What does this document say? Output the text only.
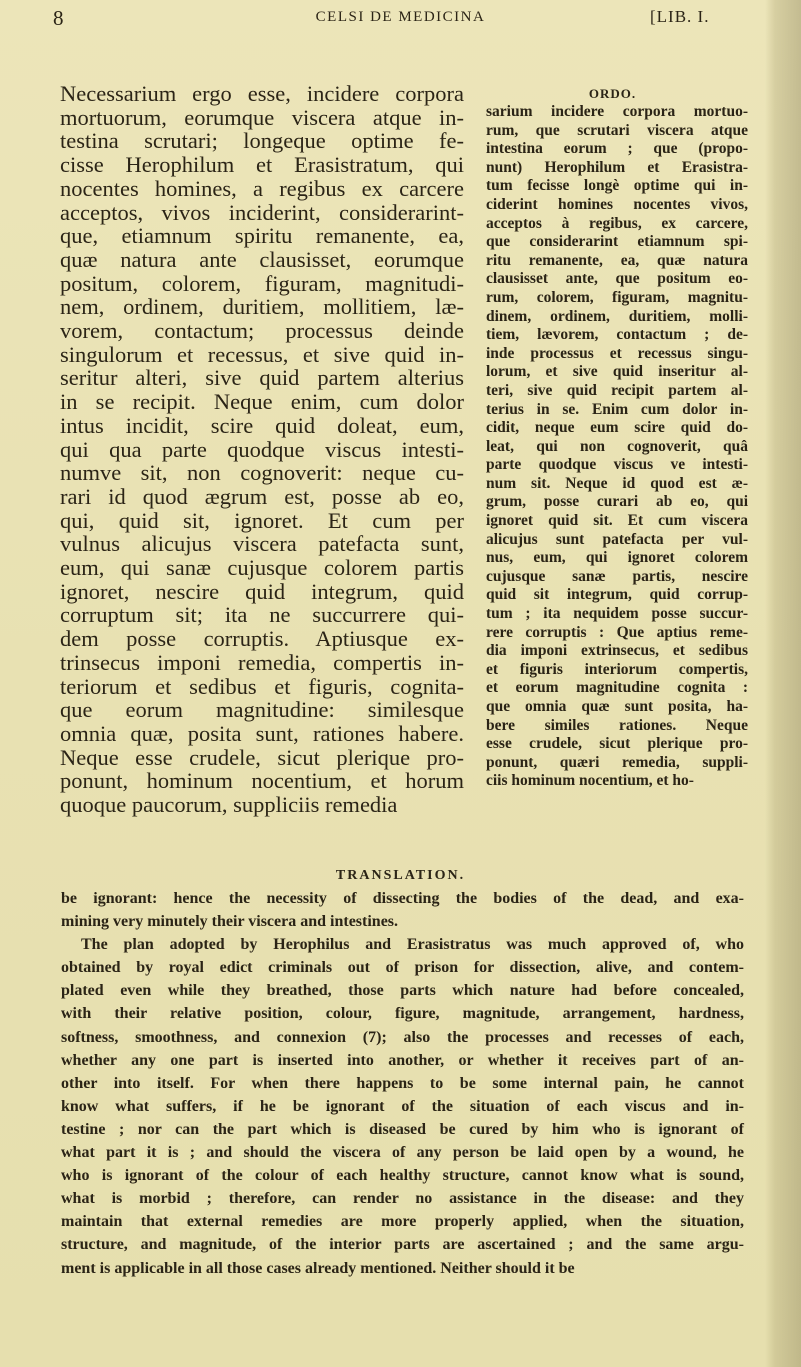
8	CELSI DE MEDICINA	[LIB. I.
Necessarium ergo esse, incidere corpora
mortuorum, eorumque viscera atque in-
testina scrutari; longeque optime fe-
cisse Herophilum et Erasistratum, qui
nocentes homines, a regibus ex carcere
acceptos, vivos inciderint, considerarint-
que, etiamnum spiritu remanente, ea,
quæ natura ante clausisset, eorumque
positum, colorem, figuram, magnitudi-
nem, ordinem, duritiem, mollitiem, læ-
vorem, contactum; processus deinde
singulorum et recessus, et sive quid in-
seritur alteri, sive quid partem alterius
in se recipit. Neque enim, cum dolor
intus incidit, scire quid doleat, eum,
qui qua parte quodque viscus intesti-
numve sit, non cognoverit: neque cu-
rari id quod ægrum est, posse ab eo,
qui, quid sit, ignoret. Et cum per
vulnus alicujus viscera patefacta sunt,
eum, qui sanæ cujusque colorem partis
ignoret, nescire quid integrum, quid
corruptum sit; ita ne succurrere qui-
dem posse corruptis. Aptiusque ex-
trinsecus imponi remedia, compertis in-
teriorum et sedibus et figuris, cognita-
que eorum magnitudine: similesque
omnia quæ, posita sunt, rationes habere.
Neque esse crudele, sicut plerique pro-
ponunt, hominum nocentium, et horum
quoque paucorum, suppliciis remedia
ORDO.
sarium incidere corpora mortuo-
rum, que scrutari viscera atque
intestina eorum ; que (propo-
nunt) Herophilum et Erasistra-
tum fecisse longè optime qui in-
ciderint homines nocentes vivos,
acceptos à regibus, ex carcere,
que considerarint etiamnum spi-
ritu remanente, ea, quæ natura
clausisset ante, que positum eo-
rum, colorem, figuram, magnitu-
dinem, ordinem, duritiem, molli-
tiem, lævorem, contactum ; de-
inde processus et recessus singu-
lorum, et sive quid inseritur al-
teri, sive quid recipit partem al-
terius in se. Enim cum dolor in-
cidit, neque eum scire quid do-
leat, qui non cognoverit, quâ
parte quodque viscus ve intesti-
num sit. Neque id quod est æ-
grum, posse curari ab eo, qui
ignoret quid sit. Et cum viscera
alicujus sunt patefacta per vul-
nus, eum, qui ignoret colorem
cujusque sanæ partis, nescire
quid sit integrum, quid corrup-
tum ; ita nequidem posse succur-
rere corruptis : Que aptius reme-
dia imponi extrinsecus, et sedibus
et figuris interiorum compertis,
et eorum magnitudine cognita :
que omnia quæ sunt posita, ha-
bere similes rationes. Neque
esse crudele, sicut plerique pro-
ponunt, quæri remedia, suppli-
ciis hominum nocentium, et ho-
TRANSLATION.
be ignorant: hence the necessity of dissecting the bodies of the dead, and exa-
mining very minutely their viscera and intestines.
The plan adopted by Herophilus and Erasistratus was much approved of, who
obtained by royal edict criminals out of prison for dissection, alive, and contem-
plated even while they breathed, those parts which nature had before concealed,
with their relative position, colour, figure, magnitude, arrangement, hardness,
softness, smoothness, and connexion (7); also the processes and recesses of each,
whether any one part is inserted into another, or whether it receives part of an-
other into itself. For when there happens to be some internal pain, he cannot
know what suffers, if he be ignorant of the situation of each viscus and in-
testine ; nor can the part which is diseased be cured by him who is ignorant of
what part it is ; and should the viscera of any person be laid open by a wound, he
who is ignorant of the colour of each healthy structure, cannot know what is sound,
what is morbid ; therefore, can render no assistance in the disease: and they
maintain that external remedies are more properly applied, when the situation,
structure, and magnitude, of the interior parts are ascertained ; and the same argu-
ment is applicable in all those cases already mentioned. Neither should it be
